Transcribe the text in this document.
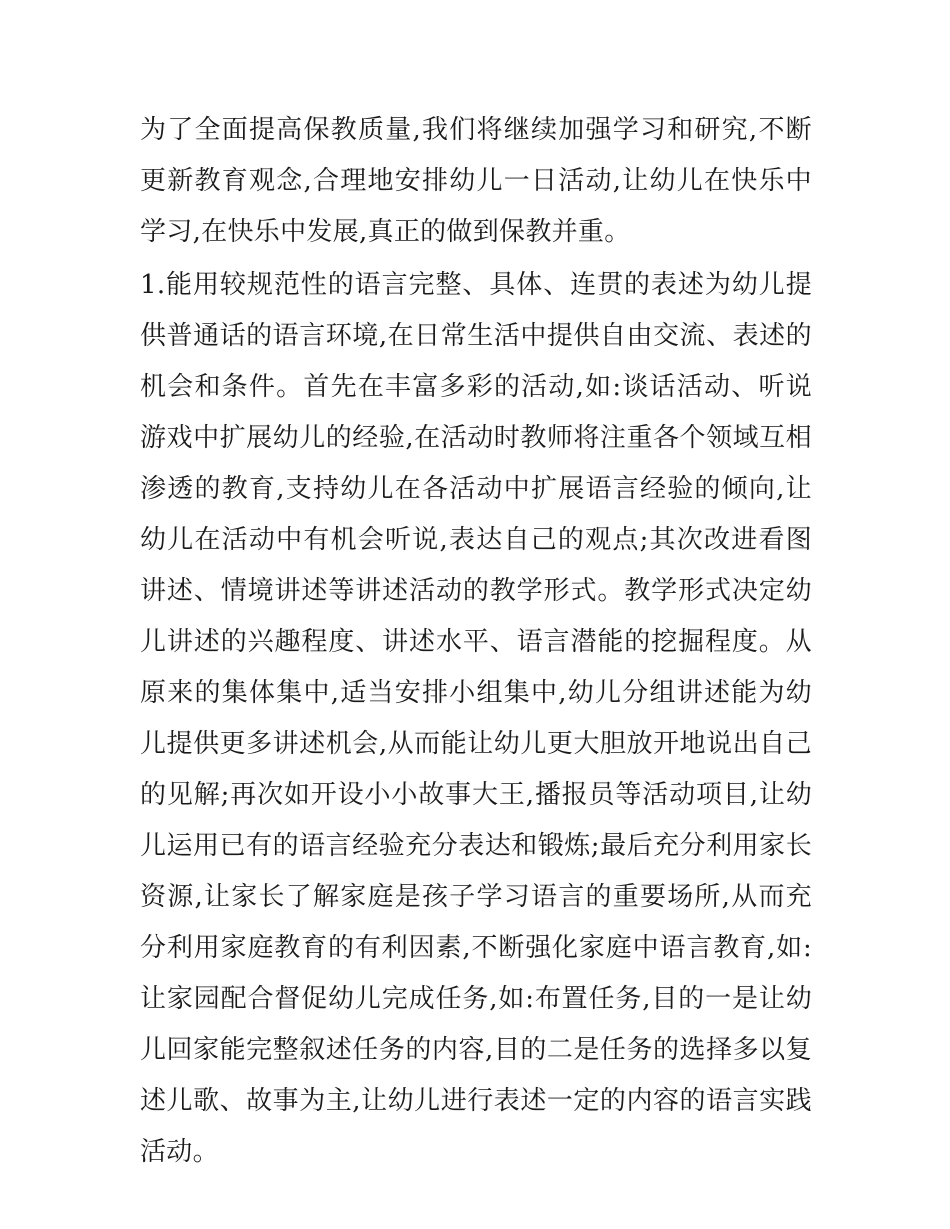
为了全面提高保教质量,我们将继续加强学习和研究,不断更新教育观念,合理地安排幼儿一日活动,让幼儿在快乐中学习,在快乐中发展,真正的做到保教并重。

1.能用较规范性的语言完整、具体、连贯的表述为幼儿提供普通话的语言环境,在日常生活中提供自由交流、表述的机会和条件。首先在丰富多彩的活动,如:谈话活动、听说游戏中扩展幼儿的经验,在活动时教师将注重各个领域互相渗透的教育,支持幼儿在各活动中扩展语言经验的倾向,让幼儿在活动中有机会听说,表达自己的观点;其次改进看图讲述、情境讲述等讲述活动的教学形式。教学形式决定幼儿讲述的兴趣程度、讲述水平、语言潜能的挖掘程度。从原来的集体集中,适当安排小组集中,幼儿分组讲述能为幼儿提供更多讲述机会,从而能让幼儿更大胆放开地说出自己的见解;再次如开设小小故事大王,播报员等活动项目,让幼儿运用已有的语言经验充分表达和锻炼;最后充分利用家长资源,让家长了解家庭是孩子学习语言的重要场所,从而充分利用家庭教育的有利因素,不断强化家庭中语言教育,如:让家园配合督促幼儿完成任务,如:布置任务,目的一是让幼儿回家能完整叙述任务的内容,目的二是任务的选择多以复述儿歌、故事为主,让幼儿进行表述一定的内容的语言实践活动。
